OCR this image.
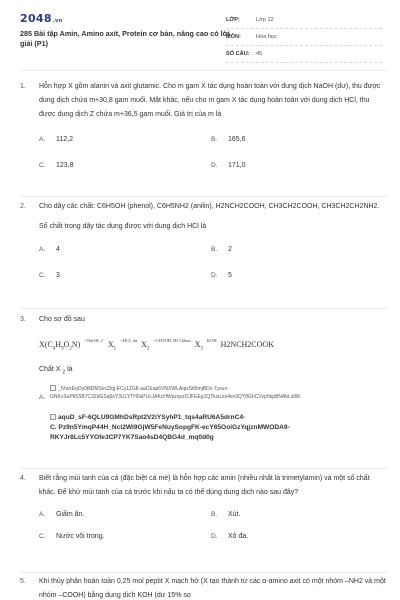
2048.vn
285 Bài tập Amin, Amino axit, Protein cơ bản, nâng cao có lời giải (P1)
LỚP:	Lớp 12
MÔN:	Hóa học
SỐ CÂU:	45
1. Hỗn hợp X gồm alanin và axit glutamic. Cho m gam X tác dụng hoàn toàn với dung dịch NaOH (dư), thu được dung dịch chứa m+30,8 gam muối. Mặt khác, nếu cho m gam X tác dụng hoàn toàn với dung dịch HCl, thu được dung dịch Z chứa m+36,5 gam muối. Giá trị của m là

A.	112,2	B.	165,6
C.	123,8	D.	171,0
2. Cho dãy các chất: C6H5OH (phenol), C6H5NH2 (anilin), H2NCH2COOH, CH3CH2COOH, CH3CH2CH2NH2.

Số chất trong dãy tác dụng được với dung dịch HCl là

A.	4	B.	2
C.	3	D.	5
3. Cho sơ đồ sau

$X(C_4H_9O_2N)$ $^{+NaOH, t^\circ}$ $X_1$ $^{+HCl, dư}$ $X_2$ $^{+CH3OH, HCl khan}$ $X_3$ $^{KOH}$ H2NCH2COOK

Chất X $_2$ là

A.
_IVwzEqOy08iDMSvcZlqj-ECy1ZG8-aaCEap6VNXWLAqixSt6tmjBDz-7ysux-
GNKxSuPk5SB7C32dGSq6sY3ULYTH0sPUcJAKcHWpzqvzOJFEEg1Q7luxLkv4ev3QY8GhCVzp5kpBNAbLsl6K
aquD_sF-6QLU9GMhDsRpt2V2iYSyhP1_tqs4aRU6A5drnC4-
C. Pz9n5YmqP44H_Ncl2Wi9GjW5FeNuySopgFK-ecY65OoiGzYqjznMWODA9-
RKYJr8Lc5YYOfe3CP7YK7Sao4sD4QBG4d_mq0d0g
4. Biết rằng mùi tanh của cá (đặc biệt cá mè) là hỗn hợp các amin (nhiều nhất là trimetylamin) và một số chất khác. Để khử mùi tanh của cá trước khi nấu ta có thể dùng dung dịch nào sau đây?

A.	Giấm ăn.	B.	Xút.
C.	Nước vôi trong.	D.	Xô đa.
5. Khi thủy phân hoàn toàn 0,25 mol peptit X mạch hở (X tạo thành từ các α-amino axit có một nhóm –NH2 và một nhóm –COOH) bằng dung dịch KOH (dư 15% so
